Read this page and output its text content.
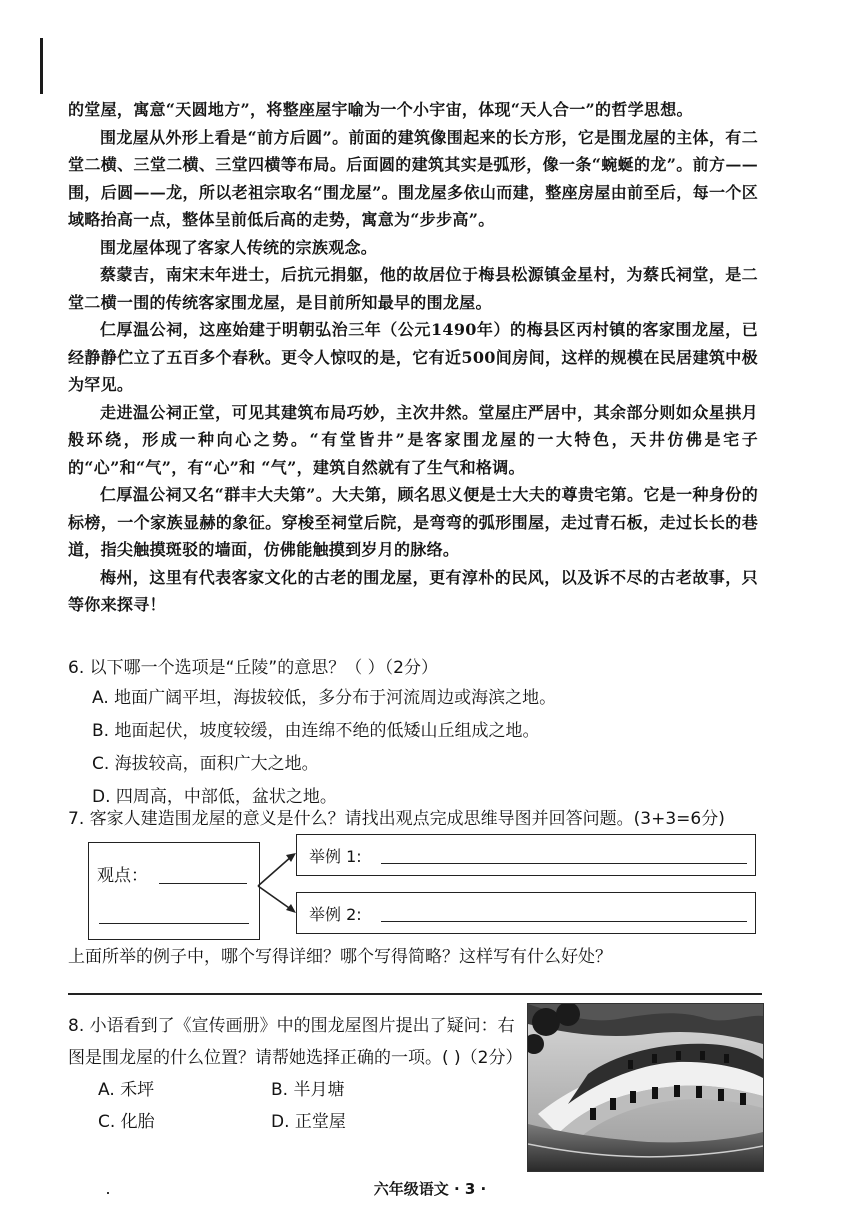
的堂屋，寓意“天圆地方”，将整座屋宇喻为一个小宇宙，体现“天人合一”的哲学思想。

围龙屋从外形上看是“前方后圆”。前面的建筑像围起来的长方形，它是围龙屋的主体，有二堂二横、三堂二横、三堂四横等布局。后面圆的建筑其实是弧形，像一条“蜿蜒的龙”。前方——围，后圆——龙，所以老祖宗取名“围龙屋”。围龙屋多依山而建，整座房屋由前至后，每一个区域略抬高一点，整体呈前低后高的走势，寓意为“步步高”。

围龙屋体现了客家人传统的宗族观念。

蔡蒙吉，南宋末年进士，后抗元捐躯，他的故居位于梅县松源镇金星村，为蔡氏祠堂，是二堂二横一围的传统客家围龙屋，是目前所知最早的围龙屋。

仁厚温公祠，这座始建于明朝弘治三年（公元1490年）的梅县区丙村镇的客家围龙屋，已经静静伫立了五百多个春秋。更令人惊叹的是，它有近500间房间，这样的规模在民居建筑中极为罕见。

走进温公祠正堂，可见其建筑布局巧妙，主次井然。堂屋庄严居中，其余部分则如众星拱月般环绕，形成一种向心之势。“有堂皆井”是客家围龙屋的一大特色，天井仿佛是宅子的“心”和“气”，有“心”和 “气”，建筑自然就有了生气和格调。

仁厚温公祠又名“群丰大夫第”。大夫第，顾名思义便是士大夫的尊贵宅第。它是一种身份的标榜，一个家族显赫的象征。穿梭至祠堂后院，是弯弯的弧形围屋，走过青石板，走过长长的巷道，指尖触摸斑驳的墙面，仿佛能触摸到岁月的脉络。

梅州，这里有代表客家文化的古老的围龙屋，更有淳朴的民风，以及诉不尽的古老故事，只等你来探寻！

6. 以下哪一个选项是“丘陵”的意思？（ ）（2分）
A. 地面广阔平坦，海拔较低，多分布于河流周边或海滨之地。
B. 地面起伏，坡度较缓，由连绵不绝的低矮山丘组成之地。
C. 海拔较高，面积广大之地。
D. 四周高，中部低，盆状之地。
7. 客家人建造围龙屋的意义是什么？请找出观点完成思维导图并回答问题。(3+3=6分)
观点：
举例 1:
举例 2:
上面所举的例子中，哪个写得详细？哪个写得简略？这样写有什么好处？
8. 小语看到了《宣传画册》中的围龙屋图片提出了疑问：右图是围龙屋的什么位置？请帮她选择正确的一项。( )（2分）
A. 禾坪	B. 半月塘
C. 化胎	D. 正堂屋
六年级语文 · 3 ·
